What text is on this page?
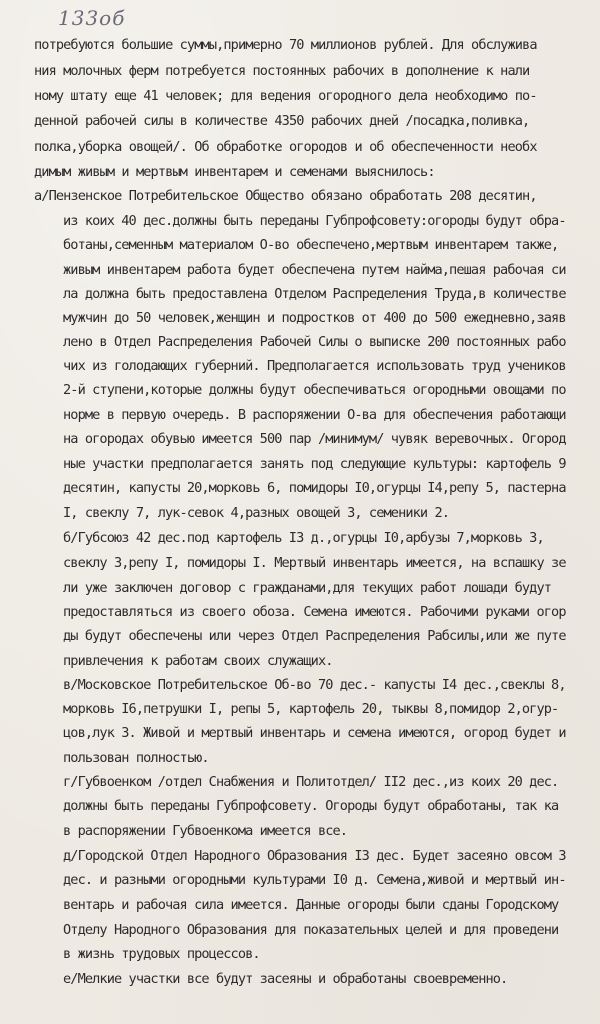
133об
потребуются большие суммы,примерно 70 миллионов рублей. Для обслужива
ния молочных ферм потребуется постоянных рабочих в дополнение к нали
ному штату еще 41 человек; для ведения огородного дела необходимо по-
денной рабочей силы в количестве 4350 рабочих дней /посадка,поливка,
полка,уборка овощей/. Об обработке огородов и об обеспеченности необх
димым живым и мертвым инвентарем и семенами выяснилось:
а/Пензенское Потребительское Общество обязано обработать 208 десятин,
из коих 40 дес.должны быть переданы Губпрофсовету:огороды будут обра-
ботаны,семенным материалом О-во обеспечено,мертвым инвентарем также,
живым инвентарем работа будет обеспечена путем найма,пешая рабочая си
ла должна быть предоставлена Отделом Распределения Труда,в количестве
мужчин до 50 человек,женщин и подростков от 400 до 500 ежедневно,заяв
лено в Отдел Распределения Рабочей Силы о выписке 200 постоянных рабо
чих из голодающих губерний. Предполагается использовать труд учеников
2-й ступени,которые должны будут обеспечиваться огородными овощами по
норме в первую очередь. В распоряжении О-ва для обеспечения работающи
на огородах обувью имеется 500 пар /минимум/ чувяк веревочных. Огород
ные участки предполагается занять под следующие культуры: картофель 9
десятин, капусты 20,морковь 6, помидоры I0,огурцы I4,репу 5, пастерна
I, свеклу 7, лук-севок 4,разных овощей 3, семеники 2.
б/Губсоюз 42 дес.под картофель I3 д.,огурцы I0,арбузы 7,морковь 3,
свеклу 3,репу I, помидоры I. Мертвый инвентарь имеется, на вспашку зе
ли уже заключен договор с гражданами,для текущих работ лошади будут
предоставляться из своего обоза. Семена имеются. Рабочими руками огор
ды будут обеспечены или через Отдел Распределения Рабсилы,или же путе
привлечения к работам своих служащих.
в/Московское Потребительское Об-во 70 дес.- капусты I4 дес.,свеклы 8,
морковь I6,петрушки I, репы 5, картофель 20, тыквы 8,помидор 2,огур-
цов,лук 3. Живой и мертвый инвентарь и семена имеются, огород будет и
пользован полностью.
г/Губвоенком /отдел Снабжения и Политотдел/ II2 дес.,из коих 20 дес.
должны быть переданы Губпрофсовету. Огороды будут обработаны, так ка
в распоряжении Губвоенкома имеется все.
д/Городской Отдел Народного Образования I3 дес. Будет засеяно овсом 3
дес. и разными огородными культурами I0 д. Семена,живой и мертвый ин-
вентарь и рабочая сила имеется. Данные огороды были сданы Городскому
Отделу Народного Образования для показательных целей и для проведени
в жизнь трудовых процессов.
е/Мелкие участки все будут засеяны и обработаны своевременно.
